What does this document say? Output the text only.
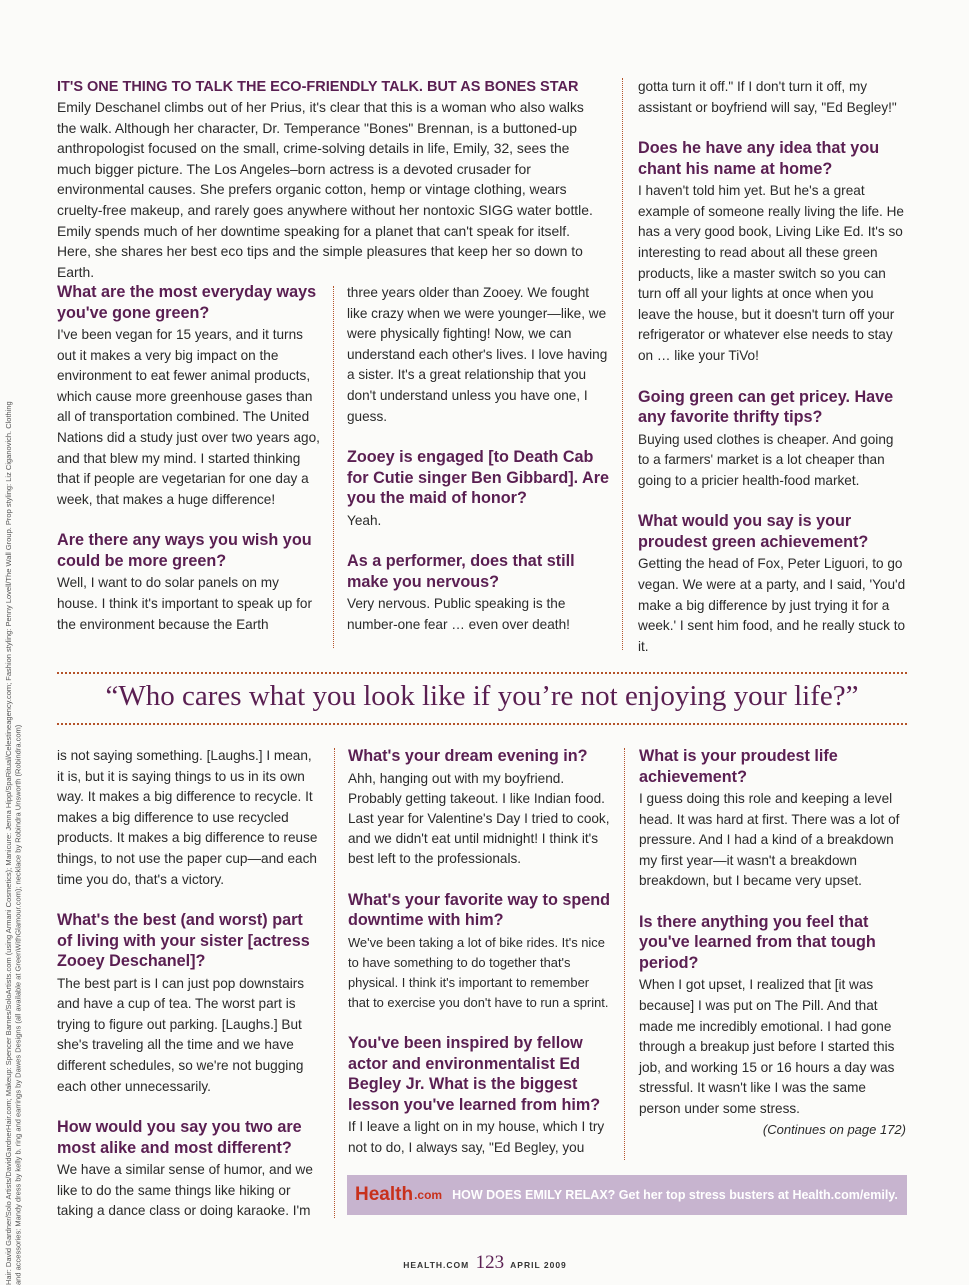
Hair: David Gardner/Solo Artists/DavidGardnerHair.com; Makeup: Spencer Barnes/SoloArtists.com (using Armani Cosmetics); Manicure: Jenna Hipp/SpaRitual/Celestineagency.com; Fashion styling: Penny Lovell/The Wall Group. Prop styling: Liz Ciganovich. Clothing and accessories: Mandy dress by kelly b. ring and earrings by Dawes Designs (all available at GreenWithGlamour.com); necklace by Robindra Unsworth (Robindra.com)
IT'S ONE THING TO TALK THE ECO-FRIENDLY TALK. BUT AS BONES STAR

Emily Deschanel climbs out of her Prius, it's clear that this is a woman who also walks the walk. Although her character, Dr. Temperance "Bones" Brennan, is a buttoned-up anthropologist focused on the small, crime-solving details in life, Emily, 32, sees the much bigger picture. The Los Angeles–born actress is a devoted crusader for environmental causes. She prefers organic cotton, hemp or vintage clothing, wears cruelty-free makeup, and rarely goes anywhere without her nontoxic SIGG water bottle. Emily spends much of her downtime speaking for a planet that can't speak for itself. Here, she shares her best eco tips and the simple pleasures that keep her so down to Earth.

What are the most everyday ways you've gone green?

I've been vegan for 15 years, and it turns out it makes a very big impact on the environment to eat fewer animal products, which cause more greenhouse gases than all of transportation combined. The United Nations did a study just over two years ago, and that blew my mind. I started thinking that if people are vegetarian for one day a week, that makes a huge difference!

Are there any ways you wish you could be more green?

Well, I want to do solar panels on my house. I think it's important to speak up for the environment because the Earth

three years older than Zooey. We fought like crazy when we were younger—like, we were physically fighting! Now, we can understand each other's lives. I love having a sister. It's a great relationship that you don't understand unless you have one, I guess.

Zooey is engaged [to Death Cab for Cutie singer Ben Gibbard]. Are you the maid of honor?

Yeah.

As a performer, does that still make you nervous?

Very nervous. Public speaking is the number-one fear … even over death!

gotta turn it off." If I don't turn it off, my assistant or boyfriend will say, "Ed Begley!"

Does he have any idea that you chant his name at home?

I haven't told him yet. But he's a great example of someone really living the life. He has a very good book, Living Like Ed. It's so interesting to read about all these green products, like a master switch so you can turn off all your lights at once when you leave the house, but it doesn't turn off your refrigerator or whatever else needs to stay on … like your TiVo!

Going green can get pricey. Have any favorite thrifty tips?

Buying used clothes is cheaper. And going to a farmers' market is a lot cheaper than going to a pricier health-food market.

What would you say is your proudest green achievement?

Getting the head of Fox, Peter Liguori, to go vegan. We were at a party, and I said, 'You'd make a big difference by just trying it for a week.' I sent him food, and he really stuck to it.

“Who cares what you look like if you’re not enjoying your life?”

is not saying something. [Laughs.] I mean, it is, but it is saying things to us in its own way. It makes a big difference to recycle. It makes a big difference to use recycled products. It makes a big difference to reuse things, to not use the paper cup—and each time you do, that's a victory.

What's the best (and worst) part of living with your sister [actress Zooey Deschanel]?

The best part is I can just pop downstairs and have a cup of tea. The worst part is trying to figure out parking. [Laughs.] But she's traveling all the time and we have different schedules, so we're not bugging each other unnecessarily.

How would you say you two are most alike and most different?

We have a similar sense of humor, and we like to do the same things like hiking or taking a dance class or doing karaoke. I'm

What's your dream evening in?

Ahh, hanging out with my boyfriend. Probably getting takeout. I like Indian food. Last year for Valentine's Day I tried to cook, and we didn't eat until midnight! I think it's best left to the professionals.

What's your favorite way to spend downtime with him?

We've been taking a lot of bike rides. It's nice to have something to do together that's physical. I think it's important to remember that to exercise you don't have to run a sprint.

You've been inspired by fellow actor and environmentalist Ed Begley Jr. What is the biggest lesson you've learned from him?

If I leave a light on in my house, which I try not to do, I always say, "Ed Begley, you

What is your proudest life achievement?

I guess doing this role and keeping a level head. It was hard at first. There was a lot of pressure. And I had a kind of a breakdown my first year—it wasn't a breakdown breakdown, but I became very upset.

Is there anything you feel that you've learned from that tough period?

When I got upset, I realized that [it was because] I was put on The Pill. And that made me incredibly emotional. I had gone through a breakup just before I started this job, and working 15 or 16 hours a day was stressful. It wasn't like I was the same person under some stress.

(Continues on page 172)

Health .com HOW DOES EMILY RELAX? Get her top stress busters at Health.com/emily.
HEALTH.COM 123 APRIL 2009
